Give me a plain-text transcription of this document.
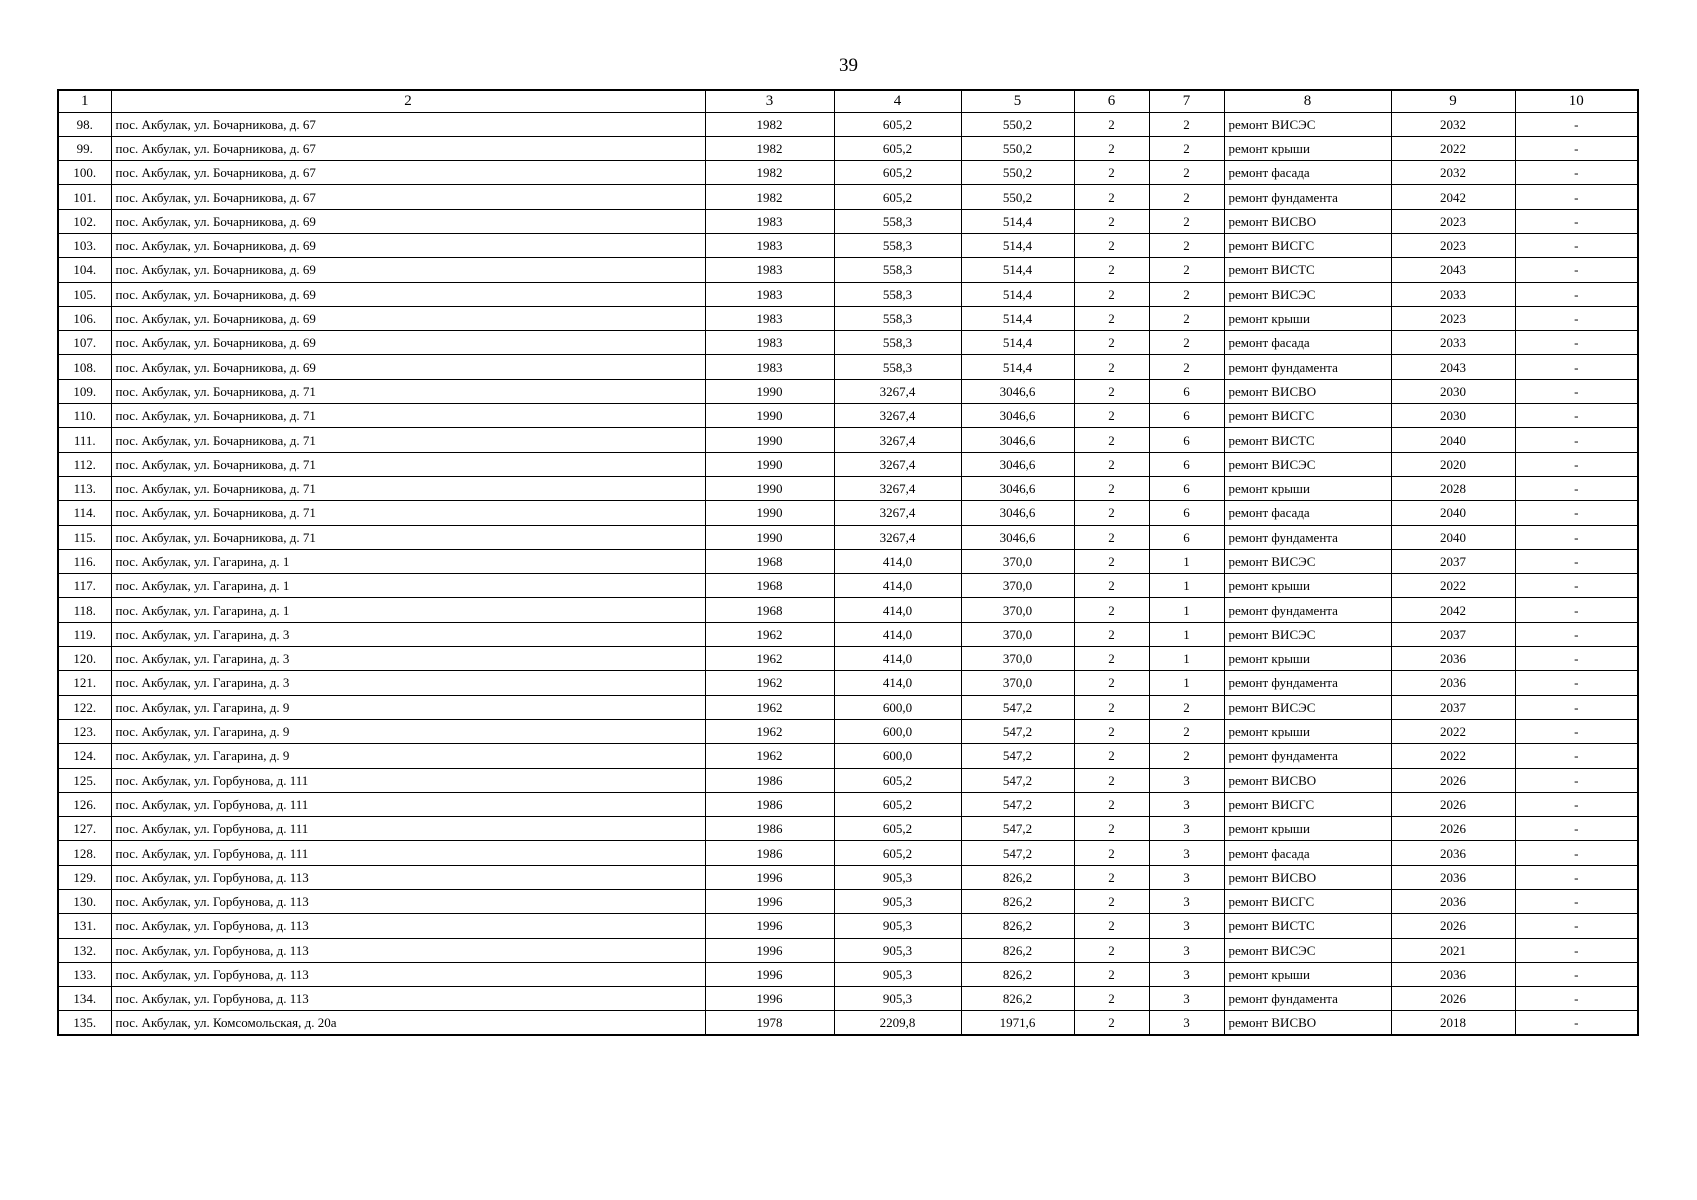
39
1	2	3	4	5	6	7	8	9	10
98.	пос. Акбулак, ул. Бочарникова, д. 67	1982	605,2	550,2	2	2	ремонт ВИСЭС	2032	-
99.	пос. Акбулак, ул. Бочарникова, д. 67	1982	605,2	550,2	2	2	ремонт крыши	2022	-
100.	пос. Акбулак, ул. Бочарникова, д. 67	1982	605,2	550,2	2	2	ремонт фасада	2032	-
101.	пос. Акбулак, ул. Бочарникова, д. 67	1982	605,2	550,2	2	2	ремонт фундамента	2042	-
102.	пос. Акбулак, ул. Бочарникова, д. 69	1983	558,3	514,4	2	2	ремонт ВИСВО	2023	-
103.	пос. Акбулак, ул. Бочарникова, д. 69	1983	558,3	514,4	2	2	ремонт ВИСГС	2023	-
104.	пос. Акбулак, ул. Бочарникова, д. 69	1983	558,3	514,4	2	2	ремонт ВИСТС	2043	-
105.	пос. Акбулак, ул. Бочарникова, д. 69	1983	558,3	514,4	2	2	ремонт ВИСЭС	2033	-
106.	пос. Акбулак, ул. Бочарникова, д. 69	1983	558,3	514,4	2	2	ремонт крыши	2023	-
107.	пос. Акбулак, ул. Бочарникова, д. 69	1983	558,3	514,4	2	2	ремонт фасада	2033	-
108.	пос. Акбулак, ул. Бочарникова, д. 69	1983	558,3	514,4	2	2	ремонт фундамента	2043	-
109.	пос. Акбулак, ул. Бочарникова, д. 71	1990	3267,4	3046,6	2	6	ремонт ВИСВО	2030	-
110.	пос. Акбулак, ул. Бочарникова, д. 71	1990	3267,4	3046,6	2	6	ремонт ВИСГС	2030	-
111.	пос. Акбулак, ул. Бочарникова, д. 71	1990	3267,4	3046,6	2	6	ремонт ВИСТС	2040	-
112.	пос. Акбулак, ул. Бочарникова, д. 71	1990	3267,4	3046,6	2	6	ремонт ВИСЭС	2020	-
113.	пос. Акбулак, ул. Бочарникова, д. 71	1990	3267,4	3046,6	2	6	ремонт крыши	2028	-
114.	пос. Акбулак, ул. Бочарникова, д. 71	1990	3267,4	3046,6	2	6	ремонт фасада	2040	-
115.	пос. Акбулак, ул. Бочарникова, д. 71	1990	3267,4	3046,6	2	6	ремонт фундамента	2040	-
116.	пос. Акбулак, ул. Гагарина, д. 1	1968	414,0	370,0	2	1	ремонт ВИСЭС	2037	-
117.	пос. Акбулак, ул. Гагарина, д. 1	1968	414,0	370,0	2	1	ремонт крыши	2022	-
118.	пос. Акбулак, ул. Гагарина, д. 1	1968	414,0	370,0	2	1	ремонт фундамента	2042	-
119.	пос. Акбулак, ул. Гагарина, д. 3	1962	414,0	370,0	2	1	ремонт ВИСЭС	2037	-
120.	пос. Акбулак, ул. Гагарина, д. 3	1962	414,0	370,0	2	1	ремонт крыши	2036	-
121.	пос. Акбулак, ул. Гагарина, д. 3	1962	414,0	370,0	2	1	ремонт фундамента	2036	-
122.	пос. Акбулак, ул. Гагарина, д. 9	1962	600,0	547,2	2	2	ремонт ВИСЭС	2037	-
123.	пос. Акбулак, ул. Гагарина, д. 9	1962	600,0	547,2	2	2	ремонт крыши	2022	-
124.	пос. Акбулак, ул. Гагарина, д. 9	1962	600,0	547,2	2	2	ремонт фундамента	2022	-
125.	пос. Акбулак, ул. Горбунова, д. 111	1986	605,2	547,2	2	3	ремонт ВИСВО	2026	-
126.	пос. Акбулак, ул. Горбунова, д. 111	1986	605,2	547,2	2	3	ремонт ВИСГС	2026	-
127.	пос. Акбулак, ул. Горбунова, д. 111	1986	605,2	547,2	2	3	ремонт крыши	2026	-
128.	пос. Акбулак, ул. Горбунова, д. 111	1986	605,2	547,2	2	3	ремонт фасада	2036	-
129.	пос. Акбулак, ул. Горбунова, д. 113	1996	905,3	826,2	2	3	ремонт ВИСВО	2036	-
130.	пос. Акбулак, ул. Горбунова, д. 113	1996	905,3	826,2	2	3	ремонт ВИСГС	2036	-
131.	пос. Акбулак, ул. Горбунова, д. 113	1996	905,3	826,2	2	3	ремонт ВИСТС	2026	-
132.	пос. Акбулак, ул. Горбунова, д. 113	1996	905,3	826,2	2	3	ремонт ВИСЭС	2021	-
133.	пос. Акбулак, ул. Горбунова, д. 113	1996	905,3	826,2	2	3	ремонт крыши	2036	-
134.	пос. Акбулак, ул. Горбунова, д. 113	1996	905,3	826,2	2	3	ремонт фундамента	2026	-
135.	пос. Акбулак, ул. Комсомольская, д. 20а	1978	2209,8	1971,6	2	3	ремонт ВИСВО	2018	-
